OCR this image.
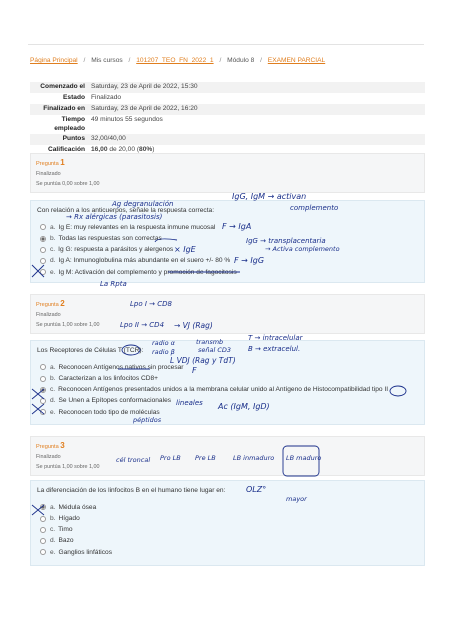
Página Principal / Mis cursos / 101207_TEO_FN_2022_1 / Módulo 8 / EXAMEN PARCIAL
Comenzado el	Saturday, 23 de April de 2022, 15:30
Estado	Finalizado
Finalizado en	Saturday, 23 de April de 2022, 16:20
Tiempo empleado	49 minutos 55 segundos
Puntos	32,00/40,00
Calificación	16,00 de 20,00 (80%)
Pregunta 1
Finalizado
Se puntúa 0,00 sobre 1,00
Con relación a los anticuerpos, señale la respuesta correcta:
a. Ig E: muy relevantes en la respuesta inmune mucosal
b. Todas las respuestas son correctas
c. Ig G: respuesta a parásitos y alergenos
d. Ig A: Inmunoglobulina más abundante en el suero +/- 80 %
e. Ig M: Activación del complemento y promoción de fagocitosis
Pregunta 2
Finalizado
Se puntúa 1,00 sobre 1,00
Los Receptores de Células T (TCR):
a. Reconocen Antígenos nativos sin procesar
b. Caracterizan a los linfocitos CD8+
c. Reconocen Antígenos presentados unidos a la membrana celular unido al Antígeno de Histocompatibilidad tipo II
d. Se Unen a Epítopes conformacionales
e. Reconocen todo tipo de moléculas
Pregunta 3
Finalizado
Se puntúa 1,00 sobre 1,00
La diferenciación de los linfocitos B en el humano tiene lugar en:
a. Médula ósea
b. Hígado
c. Timo
d. Bazo
e. Ganglios linfáticos
Ag degranulación
→ Rx alérgicas (parasitosis)
IgG, IgM → activan
complemento
F → IgA
IgG → transplacentaria
→ Activa complemento
× IgE
F → IgG
La Rpta
Lpo I → CD8
Lpo II → CD4 → VJ (Rag)
radio α
radio β
transmb
señal CD3
T → intracelular
B → extracelul.
L VDJ (Rag y TdT)
F
lineales Ac (IgM, IgD)
péptidos
cél troncal Pro LB Pre LB	LB inmaduro LB maduro
OLZ°
mayor
